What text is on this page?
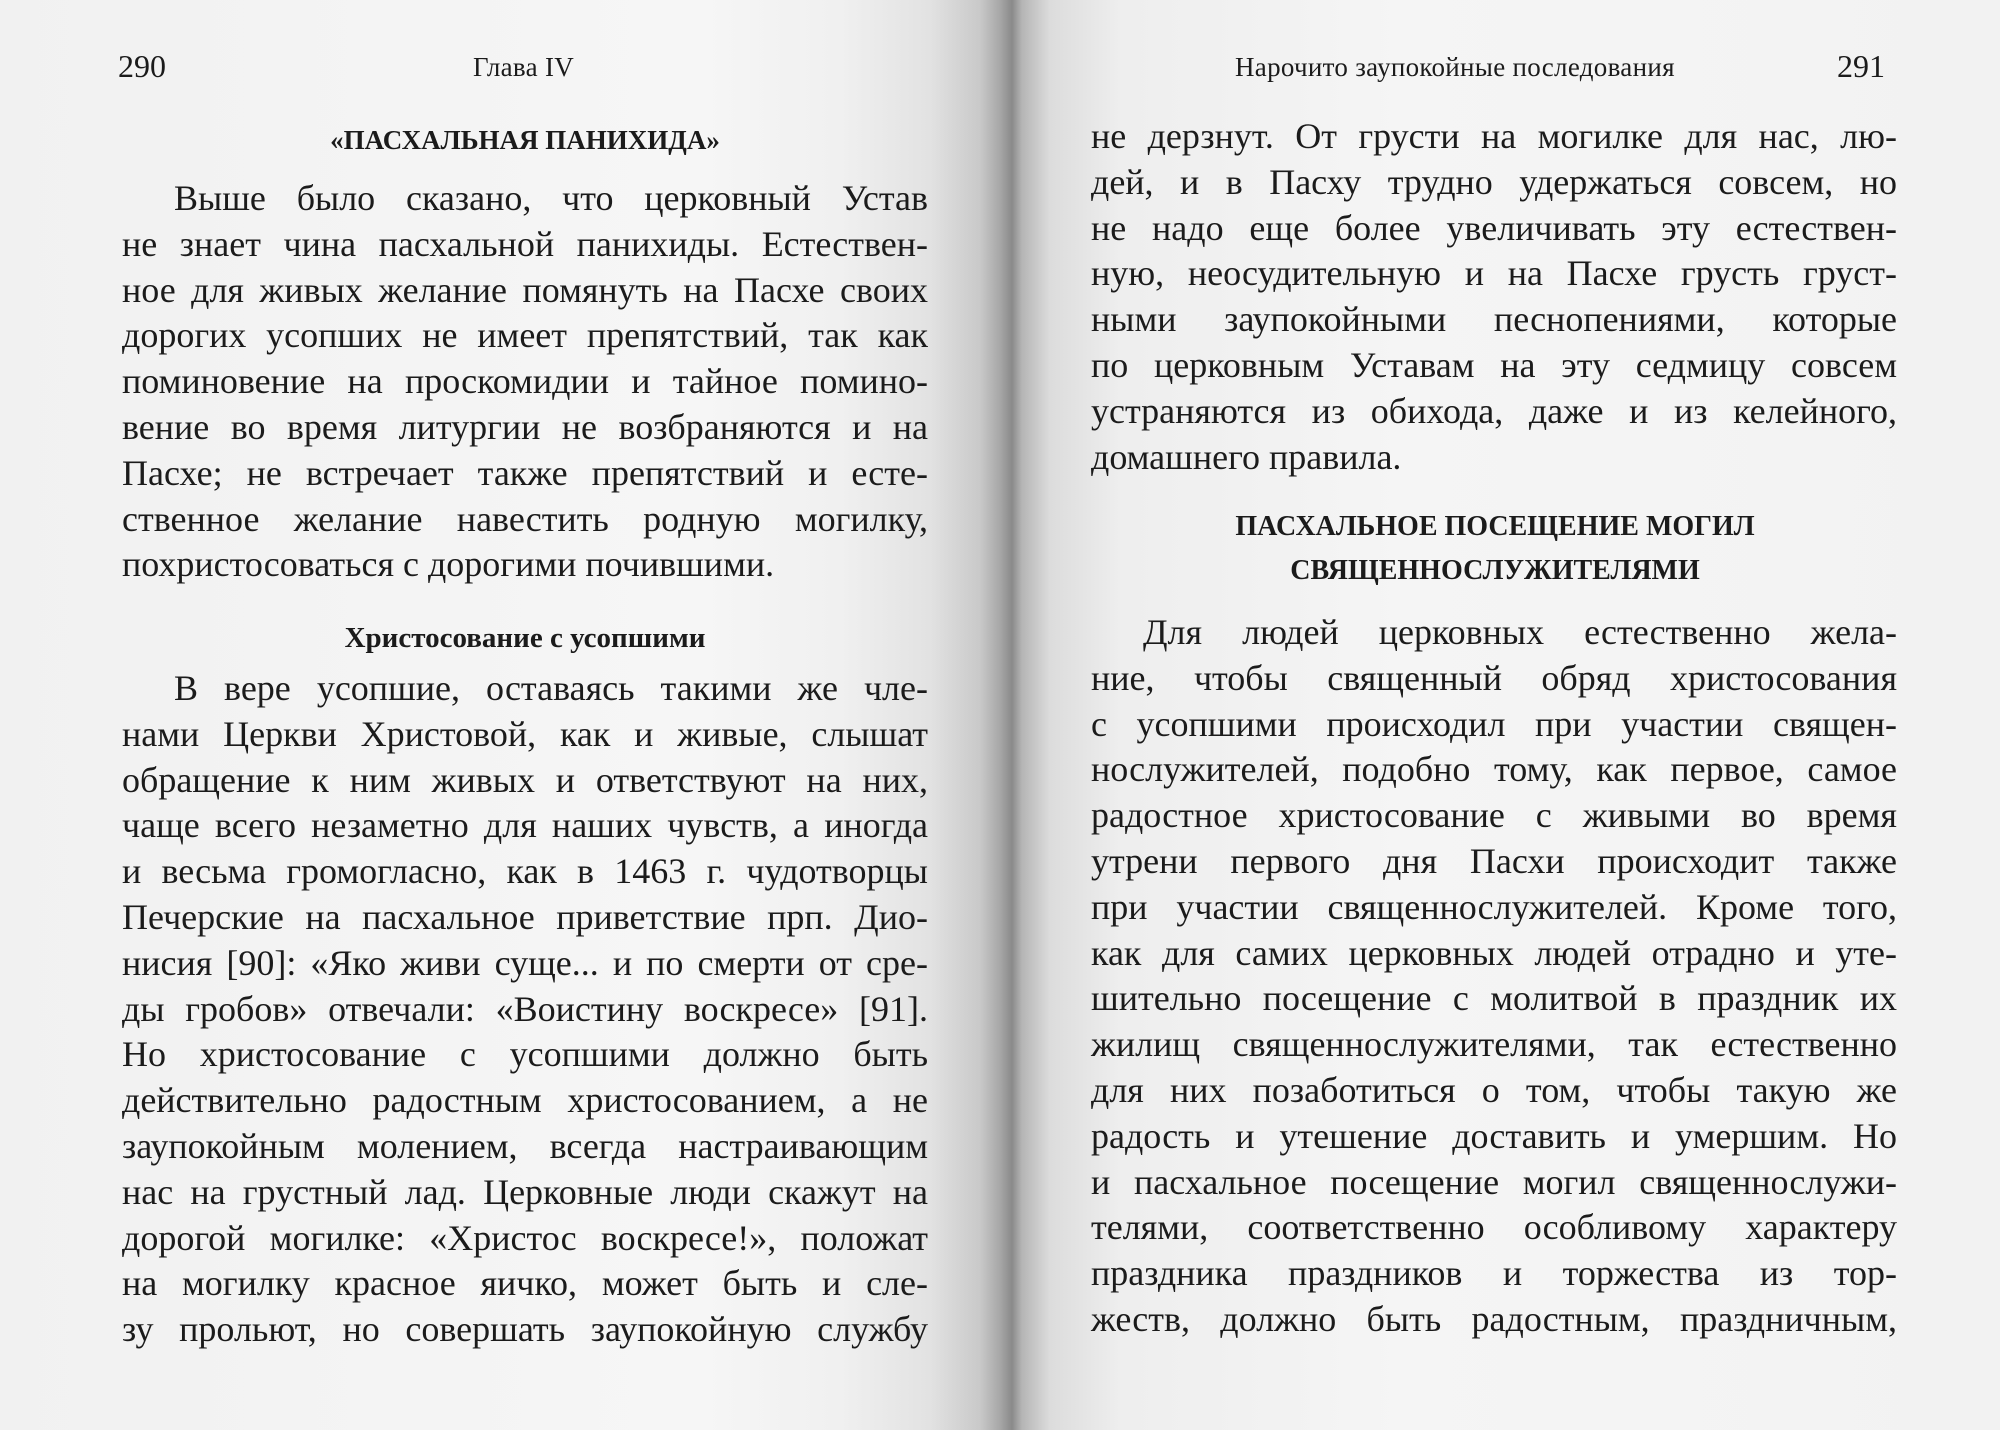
290	Глава IV
«ПАСХАЛЬНАЯ ПАНИХИДА»
Выше было сказано, что церковный Устав
не знает чина пасхальной панихиды. Естествен-
ное для живых желание помянуть на Пасхе своих
дорогих усопших не имеет препятствий, так как
поминовение на проскомидии и тайное помино-
вение во время литургии не возбраняются и на
Пасхе; не встречает также препятствий и есте-
ственное желание навестить родную могилку,
похристосоваться с дорогими почившими.
Христосование с усопшими
В вере усопшие, оставаясь такими же чле-
нами Церкви Христовой, как и живые, слышат
обращение к ним живых и ответствуют на них,
чаще всего незаметно для наших чувств, а иногда
и весьма громогласно, как в 1463 г. чудотворцы
Печерские на пасхальное приветствие прп. Дио-
нисия [90]: «Яко живи суще... и по смерти от сре-
ды гробов» отвечали: «Воистину воскресе» [91].
Но христосование с усопшими должно быть
действительно радостным христосованием, а не
заупокойным молением, всегда настраивающим
нас на грустный лад. Церковные люди скажут на
дорогой могилке: «Христос воскресе!», положат
на могилку красное яичко, может быть и сле-
зу прольют, но совершать заупокойную службу
Нарочито заупокойные последования	291
не дерзнут. От грусти на могилке для нас, лю-
дей, и в Пасху трудно удержаться совсем, но
не надо еще более увеличивать эту естествен-
ную, неосудительную и на Пасхе грусть груст-
ными заупокойными песнопениями, которые
по церковным Уставам на эту седмицу совсем
устраняются из обихода, даже и из келейного,
домашнего правила.
ПАСХАЛЬНОЕ ПОСЕЩЕНИЕ МОГИЛ
СВЯЩЕННОСЛУЖИТЕЛЯМИ
Для людей церковных естественно жела-
ние, чтобы священный обряд христосования
с усопшими происходил при участии священ-
нослужителей, подобно тому, как первое, самое
радостное христосование с живыми во время
утрени первого дня Пасхи происходит также
при участии священнослужителей. Кроме того,
как для самих церковных людей отрадно и уте-
шительно посещение с молитвой в праздник их
жилищ священнослужителями, так естественно
для них позаботиться о том, чтобы такую же
радость и утешение доставить и умершим. Но
и пасхальное посещение могил священнослужи-
телями, соответственно особливому характеру
праздника праздников и торжества из тор-
жеств, должно быть радостным, праздничным,
